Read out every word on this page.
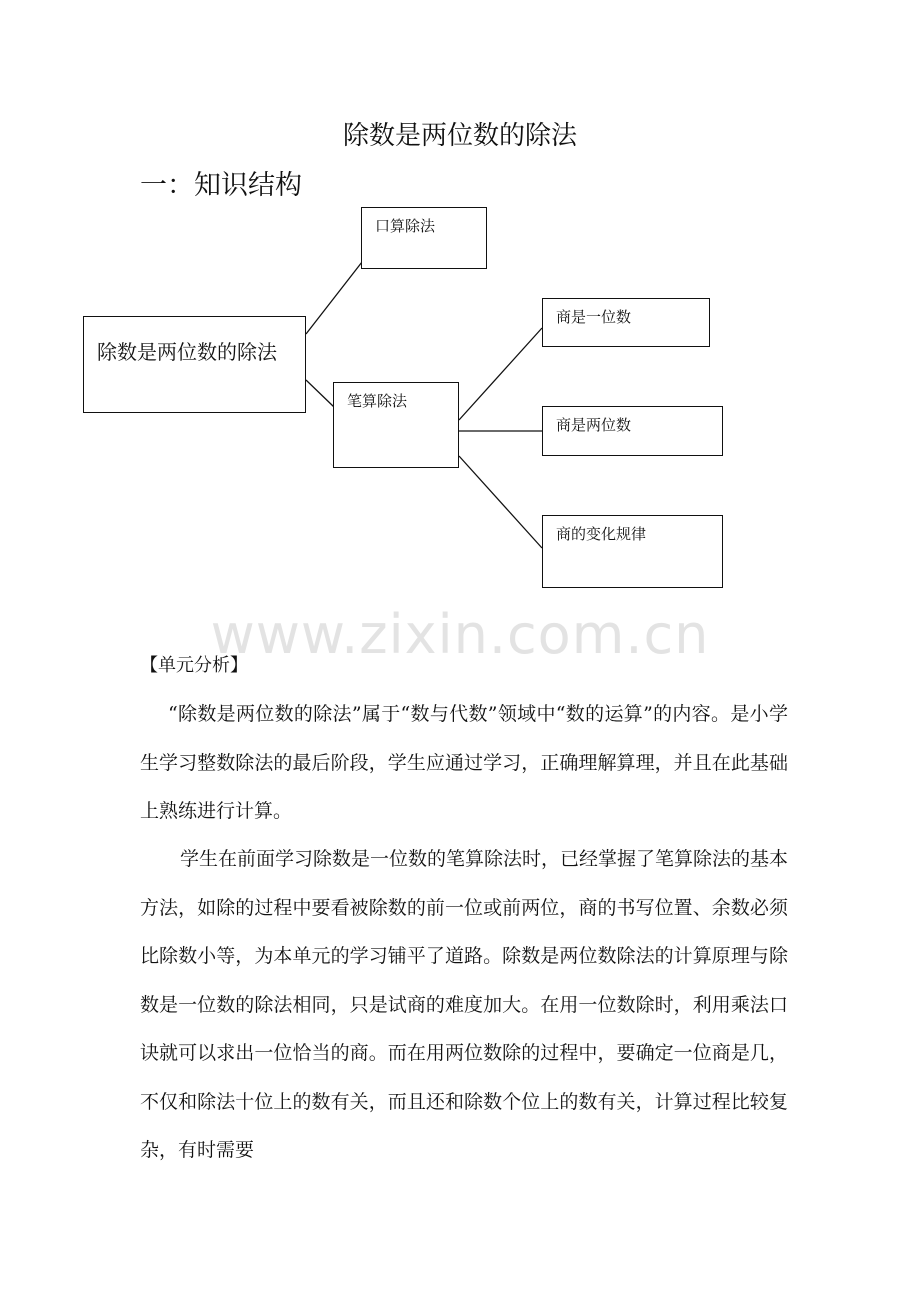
除数是两位数的除法
一：知识结构
除数是两位数的除法
口算除法
笔算除法
商是一位数
商是两位数
商的变化规律
www.zixin.com.cn
【单元分析】

“除数是两位数的除法”属于“数与代数”领域中“数的运算”的内容。是小学生学习整数除法的最后阶段，学生应通过学习，正确理解算理，并且在此基础上熟练进行计算。

学生在前面学习除数是一位数的笔算除法时，已经掌握了笔算除法的基本方法，如除的过程中要看被除数的前一位或前两位，商的书写位置、余数必须比除数小等，为本单元的学习铺平了道路。除数是两位数除法的计算原理与除数是一位数的除法相同，只是试商的难度加大。在用一位数除时，利用乘法口诀就可以求出一位恰当的商。而在用两位数除的过程中，要确定一位商是几，不仅和除法十位上的数有关，而且还和除数个位上的数有关，计算过程比较复杂，有时需要
